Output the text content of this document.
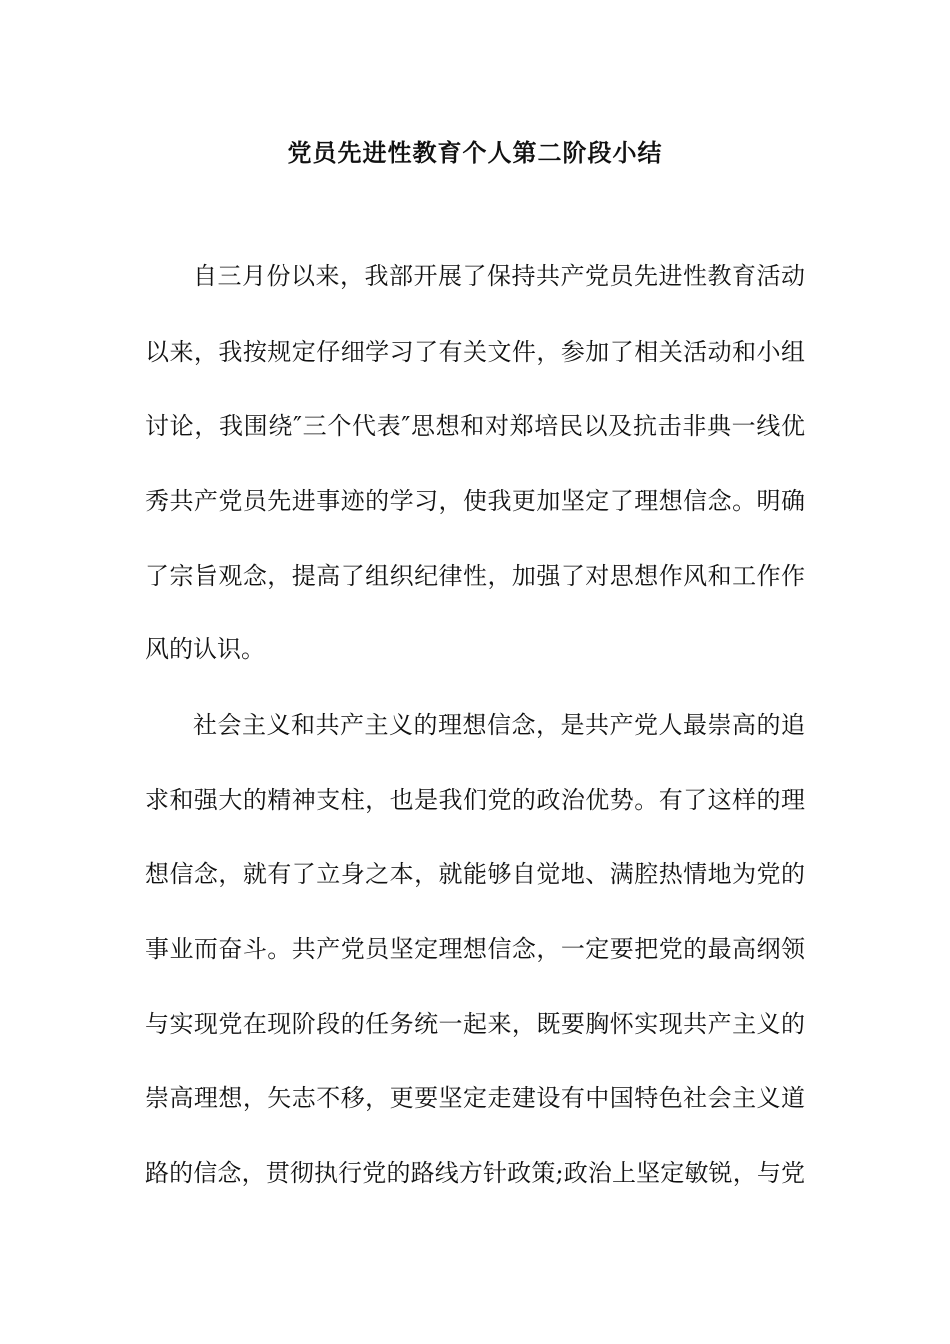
党员先进性教育个人第二阶段小结

自三月份以来，我部开展了保持共产党员先进性教育活动

以来，我按规定仔细学习了有关文件，参加了相关活动和小组

讨论，我围绕″三个代表″思想和对郑培民以及抗击非典一线优

秀共产党员先进事迹的学习，使我更加坚定了理想信念。明确

了宗旨观念，提高了组织纪律性，加强了对思想作风和工作作

风的认识。

社会主义和共产主义的理想信念，是共产党人最崇高的追

求和强大的精神支柱，也是我们党的政治优势。有了这样的理

想信念，就有了立身之本，就能够自觉地、满腔热情地为党的

事业而奋斗。共产党员坚定理想信念，一定要把党的最高纲领

与实现党在现阶段的任务统一起来，既要胸怀实现共产主义的

崇高理想，矢志不移，更要坚定走建设有中国特色社会主义道

路的信念，贯彻执行党的路线方针政策;政治上坚定敏锐，与党
